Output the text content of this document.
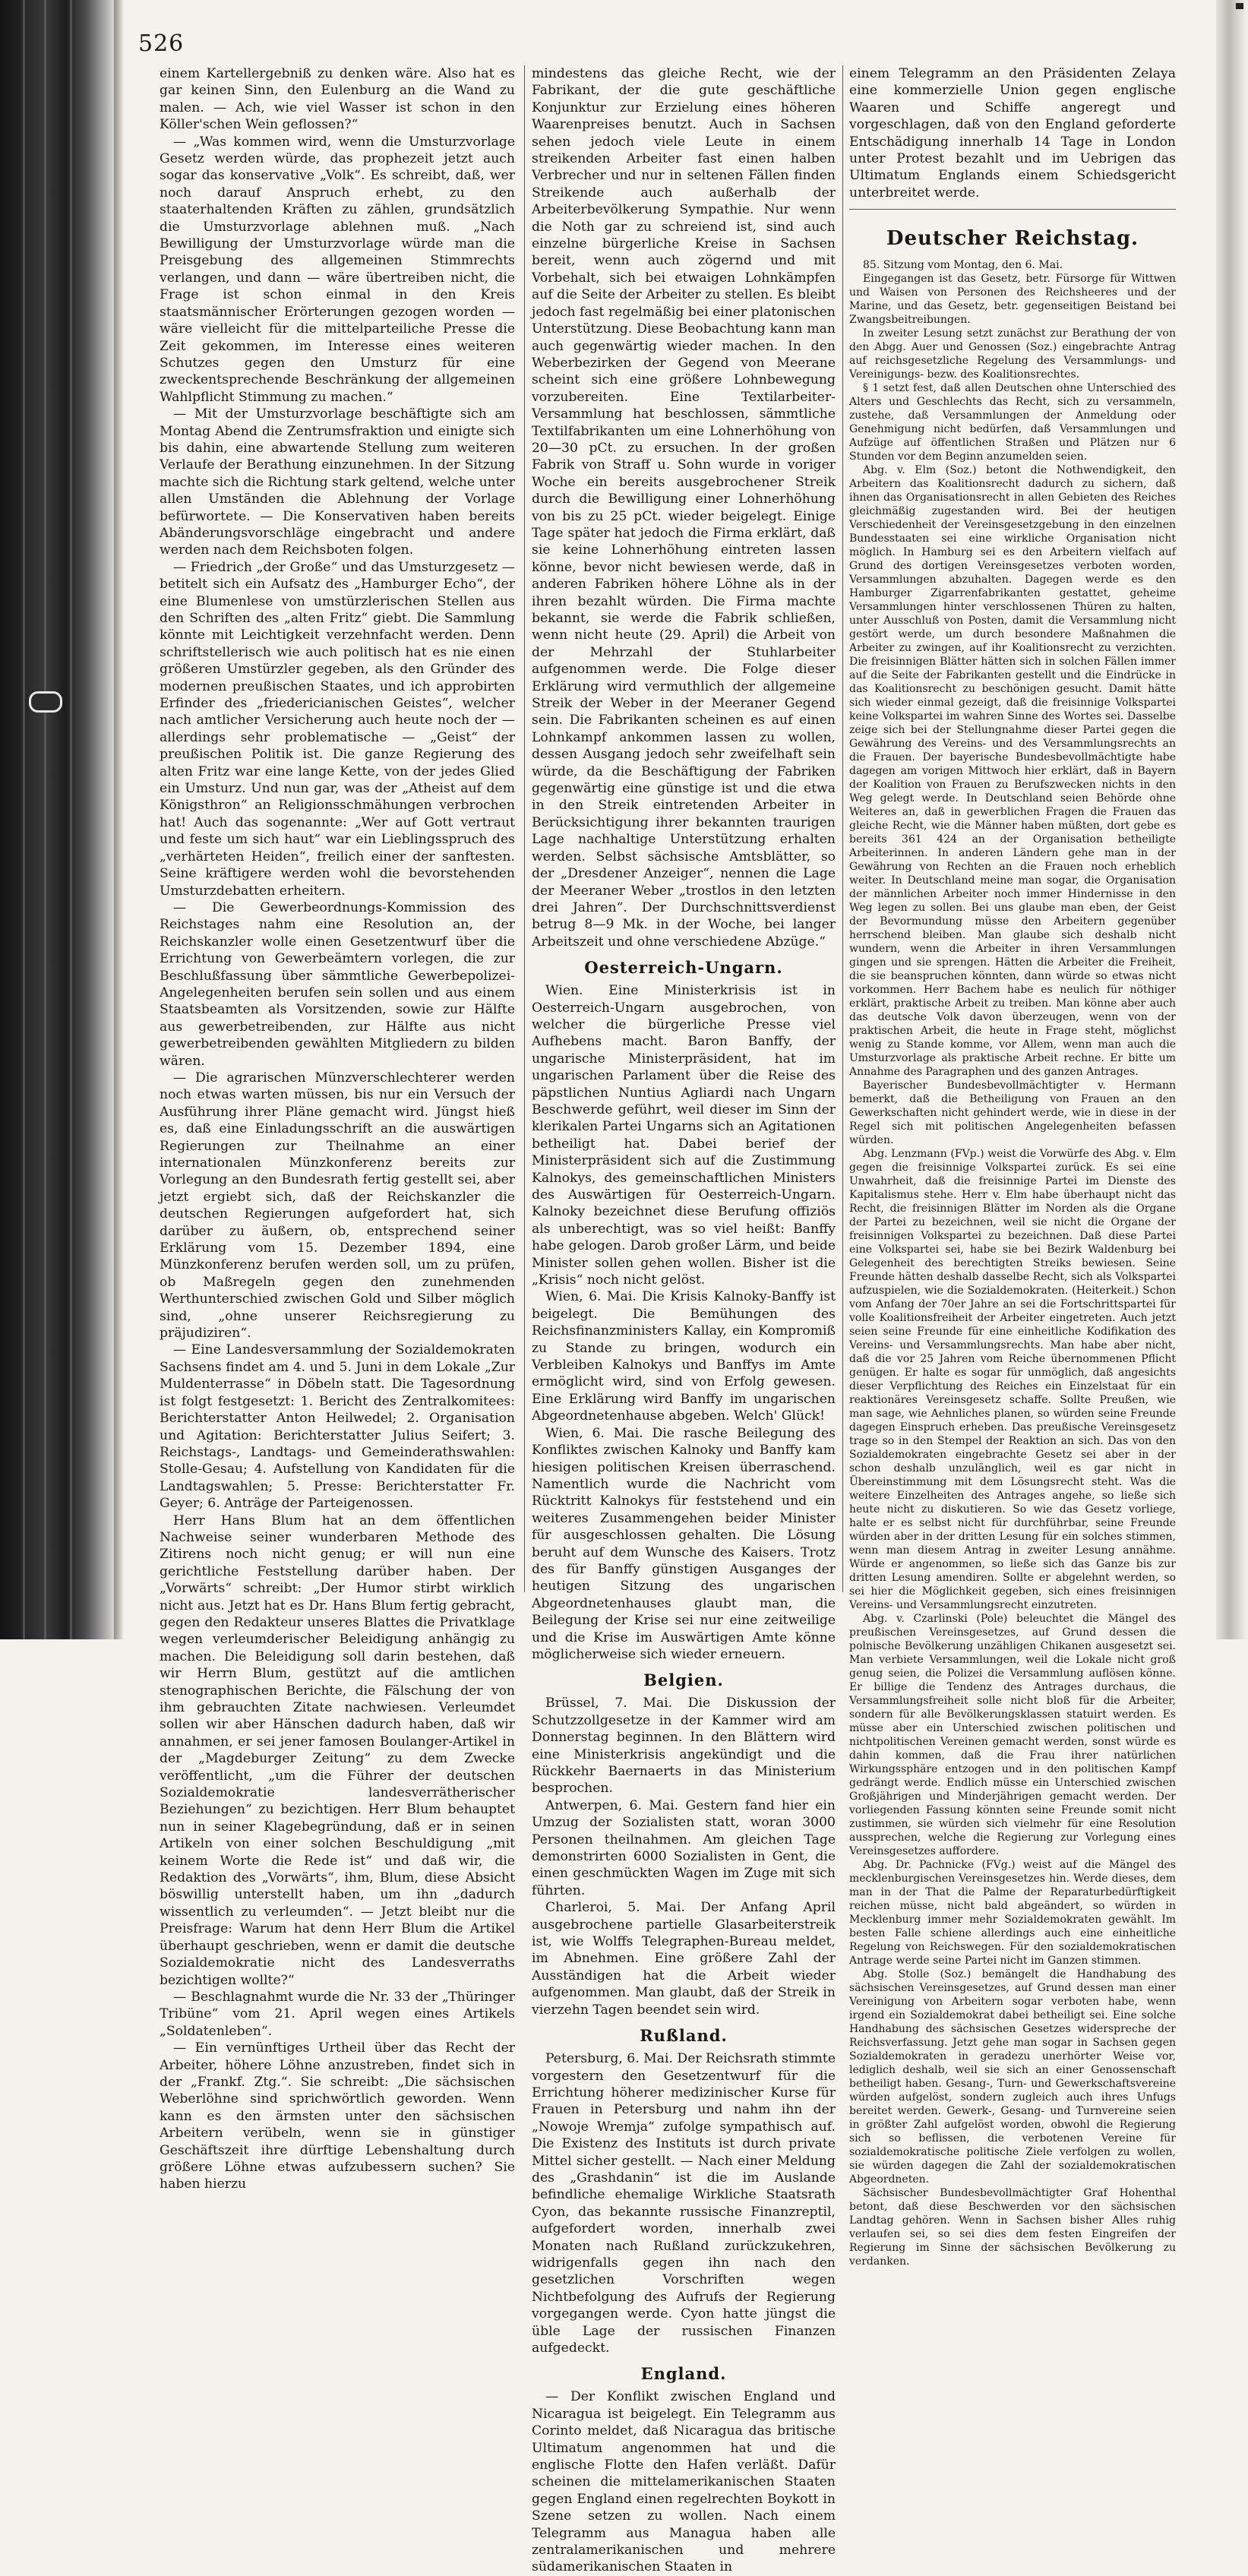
526

einem Kartellergebniß zu denken wäre. Also hat es gar keinen Sinn, den Eulenburg an die Wand zu malen. — Ach, wie viel Wasser ist schon in den Köller'schen Wein geflossen?“

— „Was kommen wird, wenn die Umsturzvorlage Gesetz werden würde, das prophezeit jetzt auch sogar das konservative „Volk“. Es schreibt, daß, wer noch darauf Anspruch erhebt, zu den staaterhaltenden Kräften zu zählen, grundsätzlich die Umsturzvorlage ablehnen muß. „Nach Bewilligung der Umsturzvorlage würde man die Preisgebung des allgemeinen Stimmrechts verlangen, und dann — wäre übertreiben nicht, die Frage ist schon einmal in den Kreis staatsmännischer Erörterungen gezogen worden — wäre vielleicht für die mittelparteiliche Presse die Zeit gekommen, im Interesse eines weiteren Schutzes gegen den Umsturz für eine zweckentsprechende Beschränkung der allgemeinen Wahlpflicht Stimmung zu machen.“

— Mit der Umsturzvorlage beschäftigte sich am Montag Abend die Zentrumsfraktion und einigte sich bis dahin, eine abwartende Stellung zum weiteren Verlaufe der Berathung einzunehmen. In der Sitzung machte sich die Richtung stark geltend, welche unter allen Umständen die Ablehnung der Vorlage befürwortete. — Die Konservativen haben bereits Abänderungsvorschläge eingebracht und andere werden nach dem Reichsboten folgen.

— Friedrich „der Große“ und das Umsturzgesetz — betitelt sich ein Aufsatz des „Hamburger Echo“, der eine Blumenlese von umstürzlerischen Stellen aus den Schriften des „alten Fritz“ giebt. Die Sammlung könnte mit Leichtigkeit verzehnfacht werden. Denn schriftstellerisch wie auch politisch hat es nie einen größeren Umstürzler gegeben, als den Gründer des modernen preußischen Staates, und ich approbirten Erfinder des „friedericianischen Geistes“, welcher nach amtlicher Versicherung auch heute noch der — allerdings sehr problematische — „Geist“ der preußischen Politik ist. Die ganze Regierung des alten Fritz war eine lange Kette, von der jedes Glied ein Umsturz. Und nun gar, was der „Atheist auf dem Königsthron“ an Religionsschmähungen verbrochen hat! Auch das sogenannte: „Wer auf Gott vertraut und feste um sich haut“ war ein Lieblingsspruch des „verhärteten Heiden“, freilich einer der sanftesten. Seine kräftigere werden wohl die bevorstehenden Umsturzdebatten erheitern.

— Die Gewerbeordnungs-Kommission des Reichstages nahm eine Resolution an, der Reichskanzler wolle einen Gesetzentwurf über die Errichtung von Gewerbeämtern vorlegen, die zur Beschlußfassung über sämmtliche Gewerbepolizei-Angelegenheiten berufen sein sollen und aus einem Staatsbeamten als Vorsitzenden, sowie zur Hälfte aus gewerbetreibenden, zur Hälfte aus nicht gewerbetreibenden gewählten Mitgliedern zu bilden wären.

— Die agrarischen Münzverschlechterer werden noch etwas warten müssen, bis nur ein Versuch der Ausführung ihrer Pläne gemacht wird. Jüngst hieß es, daß eine Einladungsschrift an die auswärtigen Regierungen zur Theilnahme an einer internationalen Münzkonferenz bereits zur Vorlegung an den Bundesrath fertig gestellt sei, aber jetzt ergiebt sich, daß der Reichskanzler die deutschen Regierungen aufgefordert hat, sich darüber zu äußern, ob, entsprechend seiner Erklärung vom 15. Dezember 1894, eine Münzkonferenz berufen werden soll, um zu prüfen, ob Maßregeln gegen den zunehmenden Werthunterschied zwischen Gold und Silber möglich sind, „ohne unserer Reichsregierung zu präjudiziren“.

— Eine Landesversammlung der Sozialdemokraten Sachsens findet am 4. und 5. Juni in dem Lokale „Zur Muldenterrasse“ in Döbeln statt. Die Tagesordnung ist folgt festgesetzt: 1. Bericht des Zentralkomitees: Berichterstatter Anton Heilwedel; 2. Organisation und Agitation: Berichterstatter Julius Seifert; 3. Reichstags-, Landtags- und Gemeinderathswahlen: Stolle-Gesau; 4. Aufstellung von Kandidaten für die Landtagswahlen; 5. Presse: Berichterstatter Fr. Geyer; 6. Anträge der Parteigenossen.

Herr Hans Blum hat an dem öffentlichen Nachweise seiner wunderbaren Methode des Zitirens noch nicht genug; er will nun eine gerichtliche Feststellung darüber haben. Der „Vorwärts“ schreibt: „Der Humor stirbt wirklich nicht aus. Jetzt hat es Dr. Hans Blum fertig gebracht, gegen den Redakteur unseres Blattes die Privatklage wegen verleumderischer Beleidigung anhängig zu machen. Die Beleidigung soll darin bestehen, daß wir Herrn Blum, gestützt auf die amtlichen stenographischen Berichte, die Fälschung der von ihm gebrauchten Zitate nachwiesen. Verleumdet sollen wir aber Hänschen dadurch haben, daß wir annahmen, er sei jener famosen Boulanger-Artikel in der „Magdeburger Zeitung“ zu dem Zwecke veröffentlicht, „um die Führer der deutschen Sozialdemokratie landesverrätherischer Beziehungen“ zu bezichtigen. Herr Blum behauptet nun in seiner Klagebegründung, daß er in seinen Artikeln von einer solchen Beschuldigung „mit keinem Worte die Rede ist“ und daß wir, die Redaktion des „Vorwärts“, ihm, Blum, diese Absicht böswillig unterstellt haben, um ihn „dadurch wissentlich zu verleumden“. — Jetzt bleibt nur die Preisfrage: Warum hat denn Herr Blum die Artikel überhaupt geschrieben, wenn er damit die deutsche Sozialdemokratie nicht des Landesverraths bezichtigen wollte?“

— Beschlagnahmt wurde die Nr. 33 der „Thüringer Tribüne“ vom 21. April wegen eines Artikels „Soldatenleben“.

— Ein vernünftiges Urtheil über das Recht der Arbeiter, höhere Löhne anzustreben, findet sich in der „Frankf. Ztg.“. Sie schreibt: „Die sächsischen Weberlöhne sind sprichwörtlich geworden. Wenn kann es den ärmsten unter den sächsischen Arbeitern verübeln, wenn sie in günstiger Geschäftszeit ihre dürftige Lebenshaltung durch größere Löhne etwas aufzubessern suchen? Sie haben hierzu

mindestens das gleiche Recht, wie der Fabrikant, der die gute geschäftliche Konjunktur zur Erzielung eines höheren Waarenpreises benutzt. Auch in Sachsen sehen jedoch viele Leute in einem streikenden Arbeiter fast einen halben Verbrecher und nur in seltenen Fällen finden Streikende auch außerhalb der Arbeiterbevölkerung Sympathie. Nur wenn die Noth gar zu schreiend ist, sind auch einzelne bürgerliche Kreise in Sachsen bereit, wenn auch zögernd und mit Vorbehalt, sich bei etwaigen Lohnkämpfen auf die Seite der Arbeiter zu stellen. Es bleibt jedoch fast regelmäßig bei einer platonischen Unterstützung. Diese Beobachtung kann man auch gegenwärtig wieder machen. In den Weberbezirken der Gegend von Meerane scheint sich eine größere Lohnbewegung vorzubereiten. Eine Textilarbeiter-Versammlung hat beschlossen, sämmtliche Textilfabrikanten um eine Lohnerhöhung von 20—30 pCt. zu ersuchen. In der großen Fabrik von Straff u. Sohn wurde in voriger Woche ein bereits ausgebrochener Streik durch die Bewilligung einer Lohnerhöhung von bis zu 25 pCt. wieder beigelegt. Einige Tage später hat jedoch die Firma erklärt, daß sie keine Lohnerhöhung eintreten lassen könne, bevor nicht bewiesen werde, daß in anderen Fabriken höhere Löhne als in der ihren bezahlt würden. Die Firma machte bekannt, sie werde die Fabrik schließen, wenn nicht heute (29. April) die Arbeit von der Mehrzahl der Stuhlarbeiter aufgenommen werde. Die Folge dieser Erklärung wird vermuthlich der allgemeine Streik der Weber in der Meeraner Gegend sein. Die Fabrikanten scheinen es auf einen Lohnkampf ankommen lassen zu wollen, dessen Ausgang jedoch sehr zweifelhaft sein würde, da die Beschäftigung der Fabriken gegenwärtig eine günstige ist und die etwa in den Streik eintretenden Arbeiter in Berücksichtigung ihrer bekannten traurigen Lage nachhaltige Unterstützung erhalten werden. Selbst sächsische Amtsblätter, so der „Dresdener Anzeiger“, nennen die Lage der Meeraner Weber „trostlos in den letzten drei Jahren“. Der Durchschnittsverdienst betrug 8—9 Mk. in der Woche, bei langer Arbeitszeit und ohne verschiedene Abzüge.“

Oesterreich-Ungarn.

Wien. Eine Ministerkrisis ist in Oesterreich-Ungarn ausgebrochen, von welcher die bürgerliche Presse viel Aufhebens macht. Baron Banffy, der ungarische Ministerpräsident, hat im ungarischen Parlament über die Reise des päpstlichen Nuntius Agliardi nach Ungarn Beschwerde geführt, weil dieser im Sinn der klerikalen Partei Ungarns sich an Agitationen betheiligt hat. Dabei berief der Ministerpräsident sich auf die Zustimmung Kalnokys, des gemeinschaftlichen Ministers des Auswärtigen für Oesterreich-Ungarn. Kalnoky bezeichnet diese Berufung offiziös als unberechtigt, was so viel heißt: Banffy habe gelogen. Darob großer Lärm, und beide Minister sollen gehen wollen. Bisher ist die „Krisis“ noch nicht gelöst.

Wien, 6. Mai. Die Krisis Kalnoky-Banffy ist beigelegt. Die Bemühungen des Reichsfinanzministers Kallay, ein Kompromiß zu Stande zu bringen, wodurch ein Verbleiben Kalnokys und Banffys im Amte ermöglicht wird, sind von Erfolg gewesen. Eine Erklärung wird Banffy im ungarischen Abgeordnetenhause abgeben. Welch' Glück!

Wien, 6. Mai. Die rasche Beilegung des Konfliktes zwischen Kalnoky und Banffy kam hiesigen politischen Kreisen überraschend. Namentlich wurde die Nachricht vom Rücktritt Kalnokys für feststehend und ein weiteres Zusammengehen beider Minister für ausgeschlossen gehalten. Die Lösung beruht auf dem Wunsche des Kaisers. Trotz des für Banffy günstigen Ausganges der heutigen Sitzung des ungarischen Abgeordnetenhauses glaubt man, die Beilegung der Krise sei nur eine zeitweilige und die Krise im Auswärtigen Amte könne möglicherweise sich wieder erneuern.

Belgien.

Brüssel, 7. Mai. Die Diskussion der Schutzzollgesetze in der Kammer wird am Donnerstag beginnen. In den Blättern wird eine Ministerkrisis angekündigt und die Rückkehr Baernaerts in das Ministerium besprochen.

Antwerpen, 6. Mai. Gestern fand hier ein Umzug der Sozialisten statt, woran 3000 Personen theilnahmen. Am gleichen Tage demonstrirten 6000 Sozialisten in Gent, die einen geschmückten Wagen im Zuge mit sich führten.

Charleroi, 5. Mai. Der Anfang April ausgebrochene partielle Glasarbeiterstreik ist, wie Wolffs Telegraphen-Bureau meldet, im Abnehmen. Eine größere Zahl der Ausständigen hat die Arbeit wieder aufgenommen. Man glaubt, daß der Streik in vierzehn Tagen beendet sein wird.

Rußland.

Petersburg, 6. Mai. Der Reichsrath stimmte vorgestern den Gesetzentwurf für die Errichtung höherer medizinischer Kurse für Frauen in Petersburg und nahm ihn der „Nowoje Wremja“ zufolge sympathisch auf. Die Existenz des Instituts ist durch private Mittel sicher gestellt. — Nach einer Meldung des „Grashdanin“ ist die im Auslande befindliche ehemalige Wirkliche Staatsrath Cyon, das bekannte russische Finanzreptil, aufgefordert worden, innerhalb zwei Monaten nach Rußland zurückzukehren, widrigenfalls gegen ihn nach den gesetzlichen Vorschriften wegen Nichtbefolgung des Aufrufs der Regierung vorgegangen werde. Cyon hatte jüngst die üble Lage der russischen Finanzen aufgedeckt.

England.

— Der Konflikt zwischen England und Nicaragua ist beigelegt. Ein Telegramm aus Corinto meldet, daß Nicaragua das britische Ultimatum angenommen hat und die englische Flotte den Hafen verläßt. Dafür scheinen die mittelamerikanischen Staaten gegen England einen regelrechten Boykott in Szene setzen zu wollen. Nach einem Telegramm aus Managua haben alle zentralamerikanischen und mehrere südamerikanischen Staaten in

einem Telegramm an den Präsidenten Zelaya eine kommerzielle Union gegen englische Waaren und Schiffe angeregt und vorgeschlagen, daß von den England geforderte Entschädigung innerhalb 14 Tage in London unter Protest bezahlt und im Uebrigen das Ultimatum Englands einem Schiedsgericht unterbreitet werde.

Deutscher Reichstag.

85. Sitzung vom Montag, den 6. Mai.

Eingegangen ist das Gesetz, betr. Fürsorge für Wittwen und Waisen von Personen des Reichsheeres und der Marine, und das Gesetz, betr. gegenseitigen Beistand bei Zwangsbeitreibungen.

In zweiter Lesung setzt zunächst zur Berathung der von den Abgg. Auer und Genossen (Soz.) eingebrachte Antrag auf reichsgesetzliche Regelung des Versammlungs- und Vereinigungs- bezw. des Koalitionsrechtes.

§ 1 setzt fest, daß allen Deutschen ohne Unterschied des Alters und Geschlechts das Recht, sich zu versammeln, zustehe, daß Versammlungen der Anmeldung oder Genehmigung nicht bedürfen, daß Versammlungen und Aufzüge auf öffentlichen Straßen und Plätzen nur 6 Stunden vor dem Beginn anzumelden seien.

Abg. v. Elm (Soz.) betont die Nothwendigkeit, den Arbeitern das Koalitionsrecht dadurch zu sichern, daß ihnen das Organisationsrecht in allen Gebieten des Reiches gleichmäßig zugestanden wird. Bei der heutigen Verschiedenheit der Vereinsgesetzgebung in den einzelnen Bundesstaaten sei eine wirkliche Organisation nicht möglich. In Hamburg sei es den Arbeitern vielfach auf Grund des dortigen Vereinsgesetzes verboten worden, Versammlungen abzuhalten. Dagegen werde es den Hamburger Zigarrenfabrikanten gestattet, geheime Versammlungen hinter verschlossenen Thüren zu halten, unter Ausschluß von Posten, damit die Versammlung nicht gestört werde, um durch besondere Maßnahmen die Arbeiter zu zwingen, auf ihr Koalitionsrecht zu verzichten. Die freisinnigen Blätter hätten sich in solchen Fällen immer auf die Seite der Fabrikanten gestellt und die Eindrücke in das Koalitionsrecht zu beschönigen gesucht. Damit hätte sich wieder einmal gezeigt, daß die freisinnige Volkspartei keine Volkspartei im wahren Sinne des Wortes sei. Dasselbe zeige sich bei der Stellungnahme dieser Partei gegen die Gewährung des Vereins- und des Versammlungsrechts an die Frauen. Der bayerische Bundesbevollmächtigte habe dagegen am vorigen Mittwoch hier erklärt, daß in Bayern der Koalition von Frauen zu Berufszwecken nichts in den Weg gelegt werde. In Deutschland seien Behörde ohne Weiteres an, daß in gewerblichen Fragen die Frauen das gleiche Recht, wie die Männer haben müßten, dort gebe es bereits 361 424 an der Organisation betheiligte Arbeiterinnen. In anderen Ländern gehe man in der Gewährung von Rechten an die Frauen noch erheblich weiter. In Deutschland meine man sogar, die Organisation der männlichen Arbeiter noch immer Hindernisse in den Weg legen zu sollen. Bei uns glaube man eben, der Geist der Bevormundung müsse den Arbeitern gegenüber herrschend bleiben. Man glaube sich deshalb nicht wundern, wenn die Arbeiter in ihren Versammlungen gingen und sie sprengen. Hätten die Arbeiter die Freiheit, die sie beanspruchen könnten, dann würde so etwas nicht vorkommen. Herr Bachem habe es neulich für nöthiger erklärt, praktische Arbeit zu treiben. Man könne aber auch das deutsche Volk davon überzeugen, wenn von der praktischen Arbeit, die heute in Frage steht, möglichst wenig zu Stande komme, vor Allem, wenn man auch die Umsturzvorlage als praktische Arbeit rechne. Er bitte um Annahme des Paragraphen und des ganzen Antrages.

Bayerischer Bundesbevollmächtigter v. Hermann bemerkt, daß die Betheiligung von Frauen an den Gewerkschaften nicht gehindert werde, wie in diese in der Regel sich mit politischen Angelegenheiten befassen würden.

Abg. Lenzmann (FVp.) weist die Vorwürfe des Abg. v. Elm gegen die freisinnige Volkspartei zurück. Es sei eine Unwahrheit, daß die freisinnige Partei im Dienste des Kapitalismus stehe. Herr v. Elm habe überhaupt nicht das Recht, die freisinnigen Blätter im Norden als die Organe der Partei zu bezeichnen, weil sie nicht die Organe der freisinnigen Volkspartei zu bezeichnen. Daß diese Partei eine Volkspartei sei, habe sie bei Bezirk Waldenburg bei Gelegenheit des berechtigten Streiks bewiesen. Seine Freunde hätten deshalb dasselbe Recht, sich als Volkspartei aufzuspielen, wie die Sozialdemokraten. (Heiterkeit.) Schon vom Anfang der 70er Jahre an sei die Fortschrittspartei für volle Koalitionsfreiheit der Arbeiter eingetreten. Auch jetzt seien seine Freunde für eine einheitliche Kodifikation des Vereins- und Versammlungsrechts. Man habe aber nicht, daß die vor 25 Jahren vom Reiche übernommenen Pflicht genügen. Er halte es sogar für unmöglich, daß angesichts dieser Verpflichtung des Reiches ein Einzelstaat für ein reaktionäres Vereinsgesetz schaffe. Sollte Preußen, wie man sage, wie Aehnliches planen, so würden seine Freunde dagegen Einspruch erheben. Das preußische Vereinsgesetz trage so in den Stempel der Reaktion an sich. Das von den Sozialdemokraten eingebrachte Gesetz sei aber in der schon deshalb unzulänglich, weil es gar nicht in Übereinstimmung mit dem Lösungsrecht steht. Was die weitere Einzelheiten des Antrages angehe, so ließe sich heute nicht zu diskutieren. So wie das Gesetz vorliege, halte er es selbst nicht für durchführbar, seine Freunde würden aber in der dritten Lesung für ein solches stimmen, wenn man diesem Antrag in zweiter Lesung annähme. Würde er angenommen, so ließe sich das Ganze bis zur dritten Lesung amendiren. Sollte er abgelehnt werden, so sei hier die Möglichkeit gegeben, sich eines freisinnigen Vereins- und Versammlungsrecht einzutreten.

Abg. v. Czarlinski (Pole) beleuchtet die Mängel des preußischen Vereinsgesetzes, auf Grund dessen die polnische Bevölkerung unzähligen Chikanen ausgesetzt sei. Man verbiete Versammlungen, weil die Lokale nicht groß genug seien, die Polizei die Versammlung auflösen könne. Er billige die Tendenz des Antrages durchaus, die Versammlungsfreiheit solle nicht bloß für die Arbeiter, sondern für alle Bevölkerungsklassen statuirt werden. Es müsse aber ein Unterschied zwischen politischen und nichtpolitischen Vereinen gemacht werden, sonst würde es dahin kommen, daß die Frau ihrer natürlichen Wirkungssphäre entzogen und in den politischen Kampf gedrängt werde. Endlich müsse ein Unterschied zwischen Großjährigen und Minderjährigen gemacht werden. Der vorliegenden Fassung könnten seine Freunde somit nicht zustimmen, sie würden sich vielmehr für eine Resolution aussprechen, welche die Regierung zur Vorlegung eines Vereinsgesetzes auffordere.

Abg. Dr. Pachnicke (FVg.) weist auf die Mängel des mecklenburgischen Vereinsgesetzes hin. Werde dieses, dem man in der That die Palme der Reparaturbedürftigkeit reichen müsse, nicht bald abgeändert, so würden in Mecklenburg immer mehr Sozialdemokraten gewählt. Im besten Falle schiene allerdings auch eine einheitliche Regelung von Reichswegen. Für den sozialdemokratischen Antrage werde seine Partei nicht im Ganzen stimmen.

Abg. Stolle (Soz.) bemängelt die Handhabung des sächsischen Vereinsgesetzes, auf Grund dessen man einer Vereinigung von Arbeitern sogar verboten habe, wenn irgend ein Sozialdemokrat dabei betheiligt sei. Eine solche Handhabung des sächsischen Gesetzes widerspreche der Reichsverfassung. Jetzt gehe man sogar in Sachsen gegen Sozialdemokraten in geradezu unerhörter Weise vor, lediglich deshalb, weil sie sich an einer Genossenschaft betheiligt haben. Gesang-, Turn- und Gewerkschaftsvereine würden aufgelöst, sondern zugleich auch ihres Unfugs bereitet werden. Gewerk-, Gesang- und Turnvereine seien in größter Zahl aufgelöst worden, obwohl die Regierung sich so beflissen, die verbotenen Vereine für sozialdemokratische politische Ziele verfolgen zu wollen, sie würden dagegen die Zahl der sozialdemokratischen Abgeordneten.

Sächsischer Bundesbevollmächtigter Graf Hohenthal betont, daß diese Beschwerden vor den sächsischen Landtag gehören. Wenn in Sachsen bisher Alles ruhig verlaufen sei, so sei dies dem festen Eingreifen der Regierung im Sinne der sächsischen Bevölkerung zu verdanken.
